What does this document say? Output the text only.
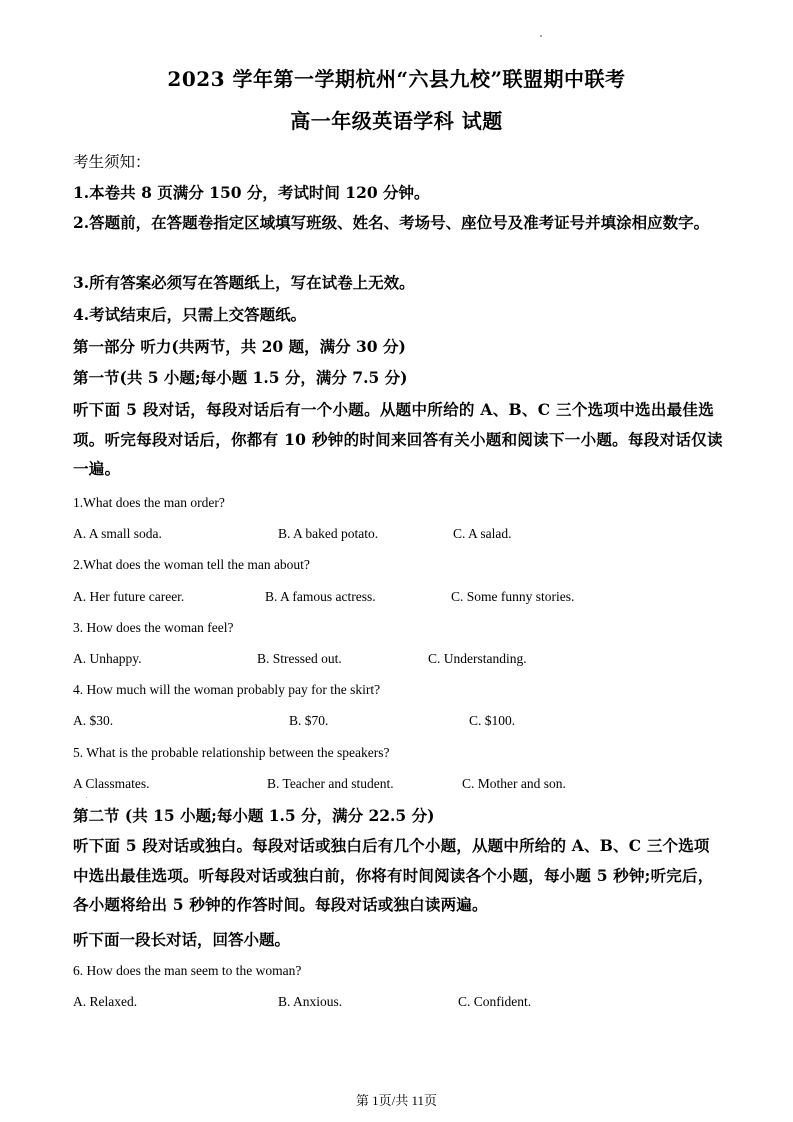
2023 学年第一学期杭州“六县九校”联盟期中联考
高一年级英语学科 试题
考生须知：
1.本卷共 8 页满分 150 分，考试时间 120 分钟。
2.答题前，在答题卷指定区域填写班级、姓名、考场号、座位号及准考证号并填涂相应数字。
3.所有答案必须写在答题纸上，写在试卷上无效。
4.考试结束后，只需上交答题纸。
第一部分 听力(共两节，共 20 题，满分 30 分)
第一节(共 5 小题;每小题 1.5 分，满分 7.5 分)
听下面 5 段对话，每段对话后有一个小题。从题中所给的 A、B、C 三个选项中选出最佳选项。听完每段对话后，你都有 10 秒钟的时间来回答有关小题和阅读下一小题。每段对话仅读一遍。
1.What does the man order?
A. A small soda.	B. A baked potato.	C. A salad.
2.What does the woman tell the man about?
A. Her future career.	B. A famous actress.	C. Some funny stories.
3. How does the woman feel?
A. Unhappy.	B. Stressed out.	C. Understanding.
4. How much will the woman probably pay for the skirt?
A. $30.	B. $70.	C. $100.
5. What is the probable relationship between the speakers?
A Classmates.	B. Teacher and student.	C. Mother and son.
第二节 (共 15 小题;每小题 1.5 分，满分 22.5 分)
听下面 5 段对话或独白。每段对话或独白后有几个小题，从题中所给的 A、B、C 三个选项中选出最佳选项。听每段对话或独白前，你将有时间阅读各个小题，每小题 5 秒钟;听完后，各小题将给出 5 秒钟的作答时间。每段对话或独白读两遍。
听下面一段长对话，回答小题。
6. How does the man seem to the woman?
A. Relaxed.	B. Anxious.	C. Confident.
第 1页/共 11页
